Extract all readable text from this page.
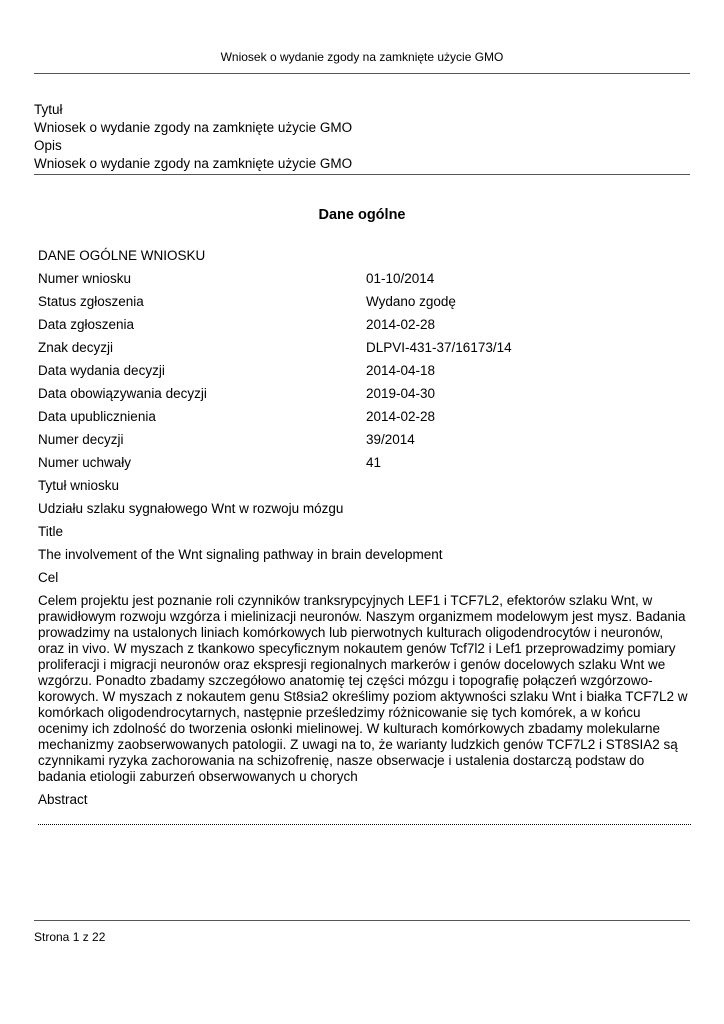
Wniosek o wydanie zgody na zamknięte użycie GMO
Tytuł
Wniosek o wydanie zgody na zamknięte użycie GMO
Opis
Wniosek o wydanie zgody na zamknięte użycie GMO
Dane ogólne
DANE OGÓLNE WNIOSKU
Numer wniosku	01-10/2014
Status zgłoszenia	Wydano zgodę
Data zgłoszenia	2014-02-28
Znak decyzji	DLPVI-431-37/16173/14
Data wydania decyzji	2014-04-18
Data obowiązywania decyzji	2019-04-30
Data upublicznienia	2014-02-28
Numer decyzji	39/2014
Numer uchwały	41
Tytuł wniosku
Udziału szlaku sygnałowego Wnt w rozwoju mózgu
Title
The involvement of the Wnt signaling pathway in brain development
Cel
Celem projektu jest poznanie roli czynników tranksrypcyjnych LEF1 i TCF7L2, efektorów szlaku Wnt, w prawidłowym rozwoju wzgórza i mielinizacji neuronów. Naszym organizmem modelowym jest mysz. Badania prowadzimy na ustalonych liniach komórkowych lub pierwotnych kulturach oligodendrocytów i neuronów, oraz in vivo. W myszach z tkankowo specyficznym nokautem genów Tcf7l2 i Lef1 przeprowadzimy pomiary proliferacji i migracji neuronów oraz ekspresji regionalnych markerów i genów docelowych szlaku Wnt we wzgórzu. Ponadto zbadamy szczegółowo anatomię tej części mózgu i topografię połączeń wzgórzowo-korowych. W myszach z nokautem genu St8sia2 określimy poziom aktywności szlaku Wnt i białka TCF7L2 w komórkach oligodendrocytarnych, następnie prześledzimy różnicowanie się tych komórek, a w końcu ocenimy ich zdolność do tworzenia osłonki mielinowej. W kulturach komórkowych zbadamy molekularne mechanizmy zaobserwowanych patologii. Z uwagi na to, że warianty ludzkich genów TCF7L2 i ST8SIA2 są czynnikami ryzyka zachorowania na schizofrenię, nasze obserwacje i ustalenia dostarczą podstaw do badania etiologii zaburzeń obserwowanych u chorych
Abstract
Strona 1 z 22
